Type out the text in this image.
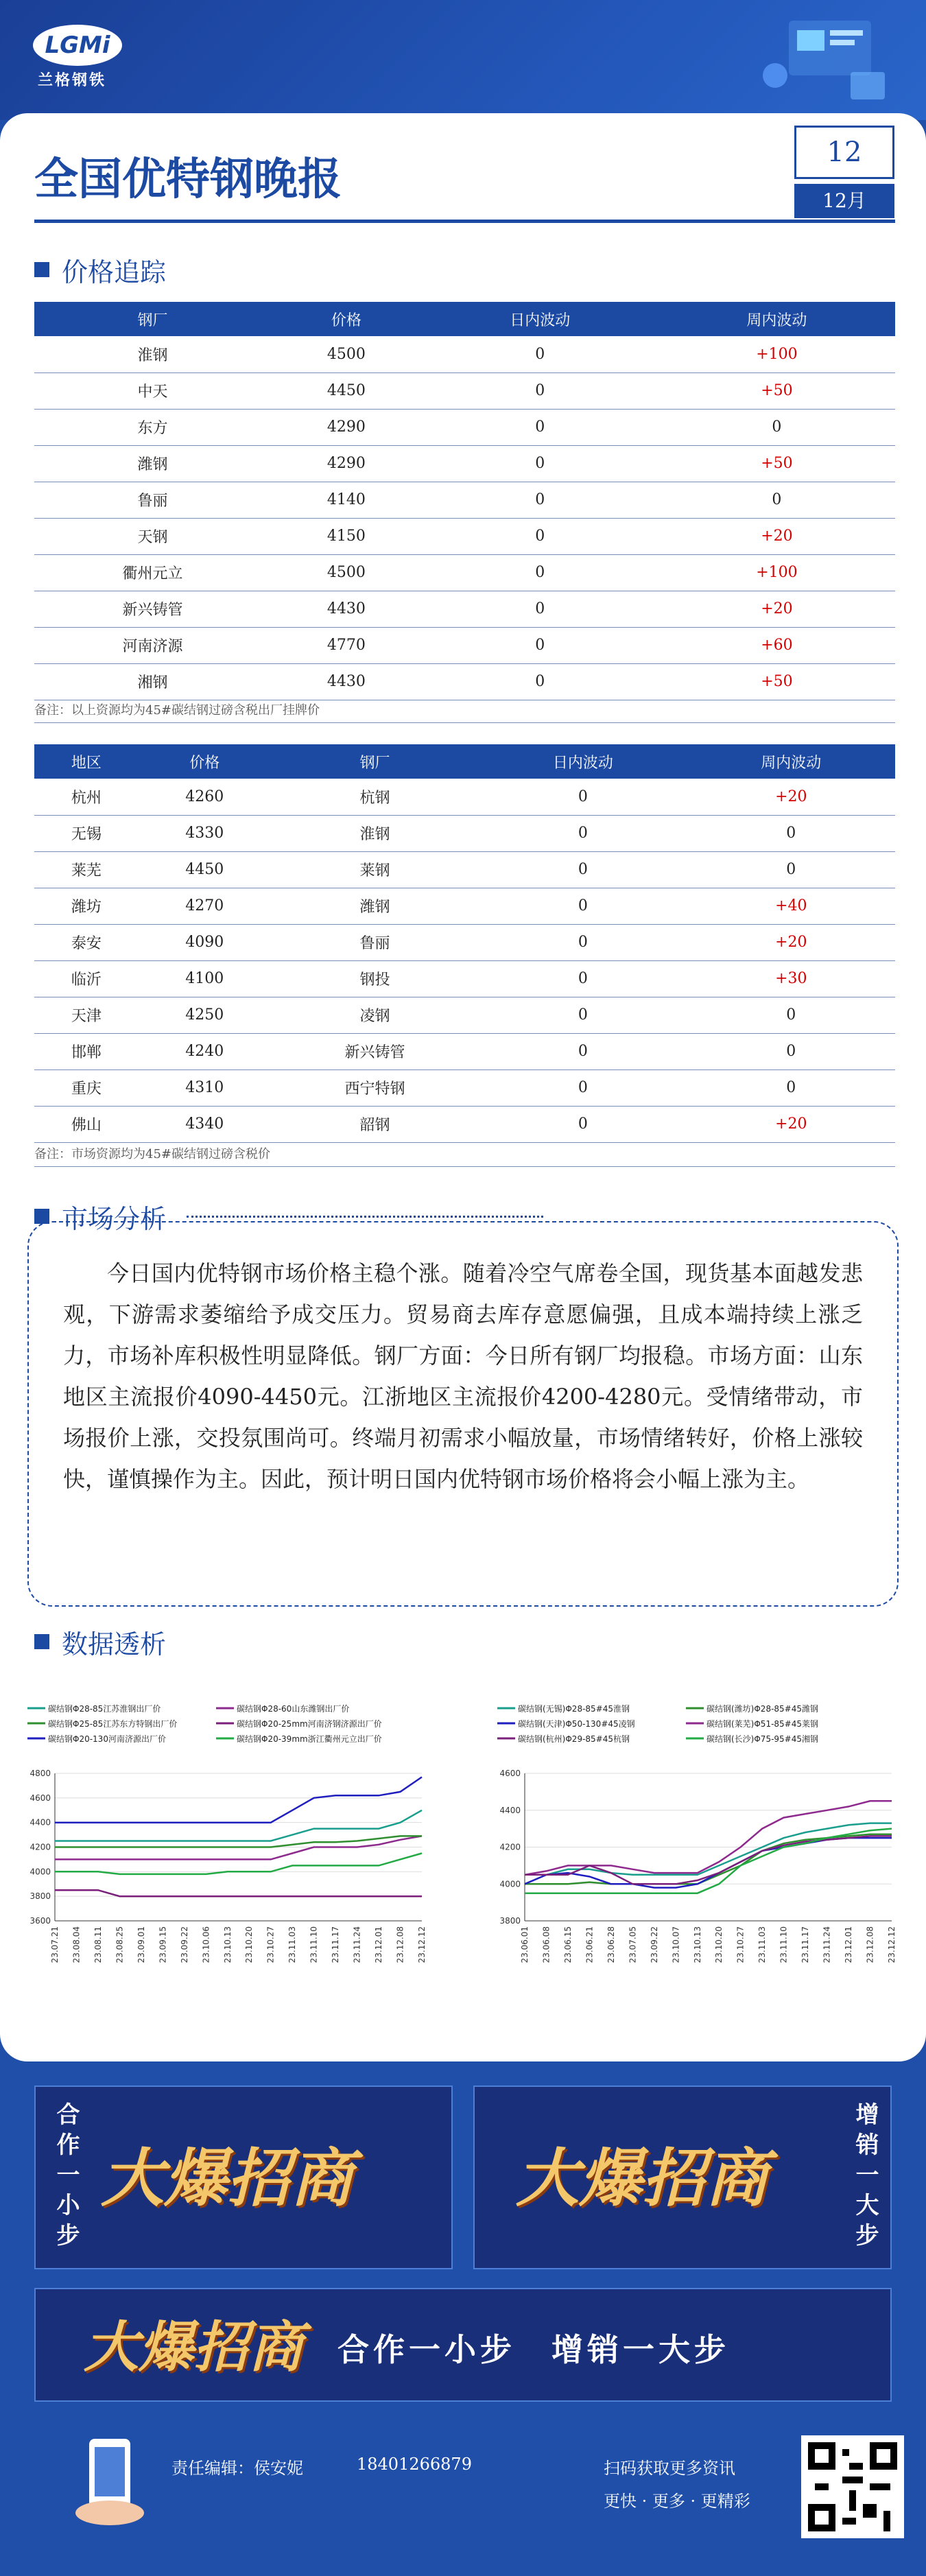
LGMi
兰格钢铁
全国优特钢晚报
12
12月
价格追踪
钢厂	价格	日内波动	周内波动
淮钢	4500	0	+100
中天	4450	0	+50
东方	4290	0	0
潍钢	4290	0	+50
鲁丽	4140	0	0
天钢	4150	0	+20
衢州元立	4500	0	+100
新兴铸管	4430	0	+20
河南济源	4770	0	+60
湘钢	4430	0	+50
备注：以上资源均为45#碳结钢过磅含税出厂挂牌价
地区	价格	钢厂	日内波动	周内波动
杭州	4260	杭钢	0	+20
无锡	4330	淮钢	0	0
莱芜	4450	莱钢	0	0
潍坊	4270	潍钢	0	+40
泰安	4090	鲁丽	0	+20
临沂	4100	钢投	0	+30
天津	4250	凌钢	0	0
邯郸	4240	新兴铸管	0	0
重庆	4310	西宁特钢	0	0
佛山	4340	韶钢	0	+20
备注：市场资源均为45#碳结钢过磅含税价
市场分析
今日国内优特钢市场价格主稳个涨。随着冷空气席卷全国，现货基本面越发悲观，下游需求萎缩给予成交压力。贸易商去库存意愿偏强，且成本端持续上涨乏力，市场补库积极性明显降低。钢厂方面：今日所有钢厂均报稳。市场方面：山东地区主流报价4090-4450元。江浙地区主流报价4200-4280元。受情绪带动，市场报价上涨，交投氛围尚可。终端月初需求小幅放量，市场情绪转好，价格上涨较快，谨慎操作为主。因此，预计明日国内优特钢市场价格将会小幅上涨为主。
数据透析
碳结钢Φ28-85江苏淮钢出厂价	碳结钢Φ28-60山东潍钢出厂价
碳结钢Φ25-85江苏东方特钢出厂价	碳结钢Φ20-25mm河南济钢济源出厂价
碳结钢Φ20-130河南济源出厂价	碳结钢Φ20-39mm浙江衢州元立出厂价
3600
3800
4000
4200
4400
4600
4800
23.07.21 23.08.04 23.08.11 23.08.25 23.09.01 23.09.15 23.09.22 23.10.06 23.10.13 23.10.20 23.10.27 23.11.03 23.11.10 23.11.17 23.11.24 23.12.01 23.12.08 23.12.12
碳结钢(无锡)Φ28-85#45淮钢	碳结钢(潍坊)Φ28-85#45潍钢
碳结钢(天津)Φ50-130#45凌钢	碳结钢(莱芜)Φ51-85#45莱钢
碳结钢(杭州)Φ29-85#45杭钢	碳结钢(长沙)Φ75-95#45湘钢
3800
4000
4200
4400
4600
23.06.01 23.06.08 23.06.15 23.06.21 23.06.28 23.07.05 23.09.22 23.10.07 23.10.13 23.10.20 23.10.27 23.11.03 23.11.10 23.11.17 23.11.24 23.12.01 23.12.08 23.12.12
合作一小步 大爆招商	大爆招商	增销一大步
大爆招商 合作一小步　增销一大步
责任编辑：侯安妮	18401266879	扫码获取更多资讯
更快 · 更多 · 更精彩
